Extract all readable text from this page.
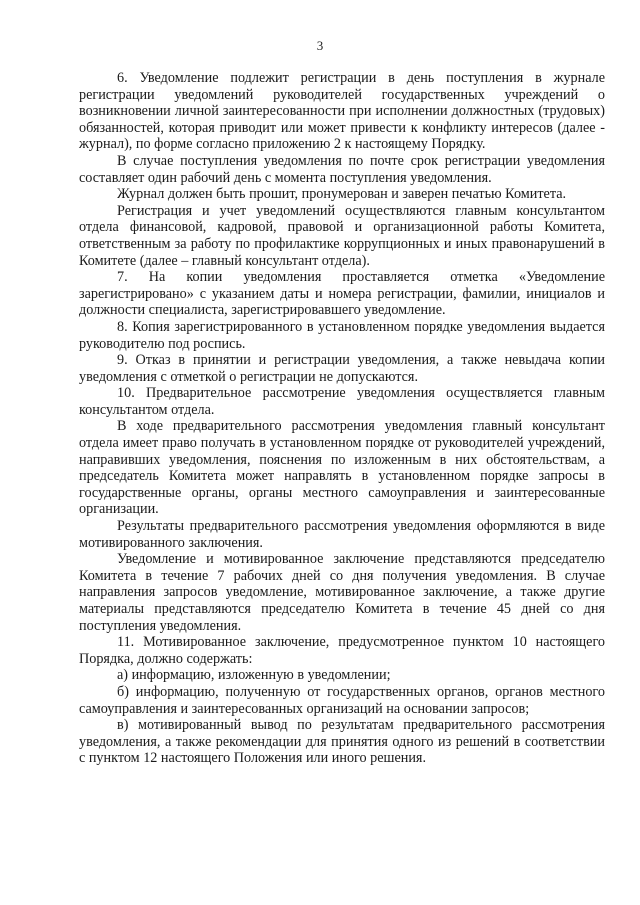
3

6. Уведомление подлежит регистрации в день поступления в журнале регистрации уведомлений руководителей государственных учреждений о возникновении личной заинтересованности при исполнении должностных (трудовых) обязанностей, которая приводит или может привести к конфликту интересов (далее - журнал), по форме согласно приложению 2 к настоящему Порядку.

В случае поступления уведомления по почте срок регистрации уведомления составляет один рабочий день с момента поступления уведомления.

Журнал должен быть прошит, пронумерован и заверен печатью Комитета.

Регистрация и учет уведомлений осуществляются главным консультантом отдела финансовой, кадровой, правовой и организационной работы Комитета, ответственным за работу по профилактике коррупционных и иных правонарушений в Комитете (далее – главный консультант отдела).

7. На копии уведомления проставляется отметка «Уведомление зарегистрировано» с указанием даты и номера регистрации, фамилии, инициалов и должности специалиста, зарегистрировавшего уведомление.

8. Копия зарегистрированного в установленном порядке уведомления выдается руководителю под роспись.

9. Отказ в принятии и регистрации уведомления, а также невыдача копии уведомления с отметкой о регистрации не допускаются.

10. Предварительное рассмотрение уведомления осуществляется главным консультантом отдела.

В ходе предварительного рассмотрения уведомления главный консультант отдела имеет право получать в установленном порядке от руководителей учреждений, направивших уведомления, пояснения по изложенным в них обстоятельствам, а председатель Комитета может направлять в установленном порядке запросы в государственные органы, органы местного самоуправления и заинтересованные организации.

Результаты предварительного рассмотрения уведомления оформляются в виде мотивированного заключения.

Уведомление и мотивированное заключение представляются председателю Комитета в течение 7 рабочих дней со дня получения уведомления. В случае направления запросов уведомление, мотивированное заключение, а также другие материалы представляются председателю Комитета в течение 45 дней со дня поступления уведомления.

11. Мотивированное заключение, предусмотренное пунктом 10 настоящего Порядка, должно содержать:

а) информацию, изложенную в уведомлении;

б) информацию, полученную от государственных органов, органов местного самоуправления и заинтересованных организаций на основании запросов;

в) мотивированный вывод по результатам предварительного рассмотрения уведомления, а также рекомендации для принятия одного из решений в соответствии с пунктом 12 настоящего Положения или иного решения.
